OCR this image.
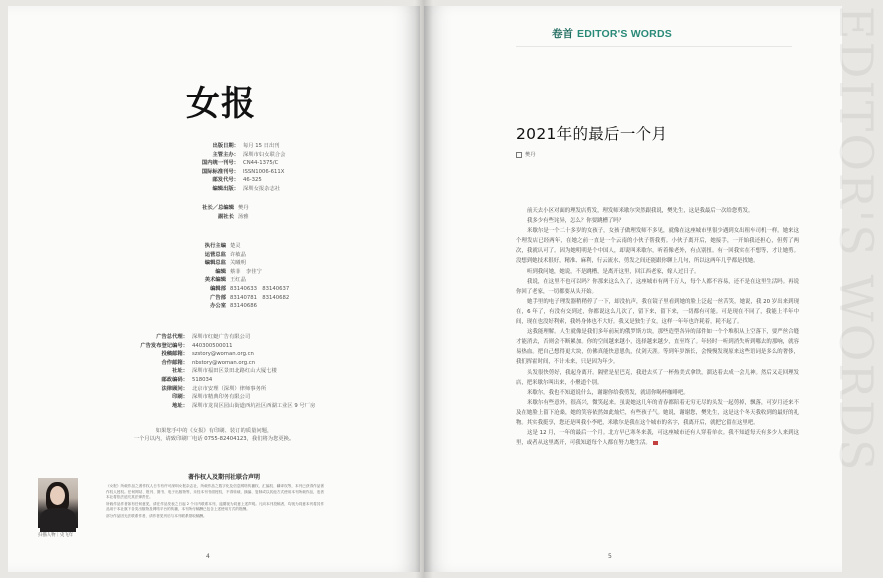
女报
出版日期： 每月 15 日出刊
主管主办： 深圳市妇女联合会
国内统一刊号： CN44-1375/C
国际标准刊号： ISSN1006-611X
邮发代号： 46-325
编辑出版： 深圳女报杂志社
社长／总编辑 樊丹
副社长 汤雅
执行主编 楚灵
运营总监 许敏晶
编辑总监 关曦明
编辑 蔡菲　李佳宁
美术编辑 王红晶
编辑部 83140633　83140637
广告部 83140781　83140682
办公室 83140686
广告总代理： 深圳市红蜓广告有限公司
广告发布登记编号： 440300500011
投稿邮箱： szstory@woman.org.cn
合作邮箱： nbstory@woman.org.cn
社址： 深圳市福田区景田北路红山大厦七楼
邮政编码： 518034
法律顾问： 北京市安理（深圳）律师事务所
印刷： 深圳市精典印务有限公司
地址： 深圳市龙岗区园山街道西坑社区西湖工业区 9 号厂房
如果您手中的《女报》有印刷、装订的质量问题，
一个月以内，请致印刷厂电话 0755-82404123，我们将为您更换。
著作权人及期刊社联合声明

《女报》所载作品之著作权人日专有许可深圳女报杂志社，所载作品之数字化及信息网络传播权、汇编权、翻译权等，本刊已获得作品著作权人授权。任何网站、报刊、图书、电子出版物等，未经本刊书面授权，不得转载、摘编、复制或以其他方式使用本刊所载作品，违者本社将依法追究其法律责任。

所载作品作者如有任何意见，请在作品发表之日起 2 个月内联系本刊，逾期视为同意上述声明。凡向本刊投稿者，均视为同意本刊将其作品用于本社旗下各类出版物及网络平台的传播，本刊所付稿酬已包含上述使用方式的报酬。

部分作品因无法联系作者，请作者见刊后与本刊联系领取稿酬。

扫描人物｜史飞年
4
EDITOR'S WORDS
卷首 EDITOR'S WORDS
2021年的最后一个月
樊丹

前天去小区对面的理发店剪发，理发师米歇尔突然跟我说，樊先生，这是我最后一次给您剪发。

我多少有些诧异，怎么？你要跳槽了吗？

米歇尔是一个二十多岁的女孩子，女孩子做理发师不多见，就像在这座城市里很少遇到女出租车司机一样。她来这个理发店已经两年，在她之前一直是一个云南的小伙子帮我剪。小伙子离开后，她接手，一开始我还担心，但剪了两次，我就认可了。因为她明明是个中国人，却说叫米歇尔，听着像老外，有点别扭。有一回我实在不想等，才让她剪。没想到她技术很好，精准、麻利，行云流水，剪发之间还能跟你聊上几句，所以这两年几乎都是找她。

听到我问她，她说，不是跳槽，是离开这里，回江西老家，嫁人过日子。

我说，在这里不也可以吗？你那来这么久了，这座城市有两千万人，每个人都不容易，还不是在这里生活吗。再说你回了老家，一切都要从头开始。

她手里的电子理发器稍稍停了一下，却没抗声，我在镜子里看到她的脸上泛起一丝苦笑，她说，我 20 岁出来到现在，6 年了，有没有交到过，你都说这么几次了，留下来，留下来，一切都有可能。可是现在不同了，我能上半年中间，现在也没好利索，我妈身体也不大好。我又是独生子女，这样一年年也许耗着，耗不起了。

这我能理解。人生就像是我们多年前玩的俄罗斯方块，那些造型各异的部件如一个个堆积从上空落下，要严丝合缝才能消去，否则会不断累加。你的空间越来越小，选择越来越少，直至终了。年轻时一听到消失听到哪去的那响，就容易热血。把自己想得更大块，仿佛真能快意恩仇，仗剑天涯。等到年岁渐长，会慢慢发现原来这些语词是多么的奢侈，我们挥霍时间，不计未来，只是因为年少。

头发很快剪好，我起身离开。隔壁是星巴克，我进去买了一杯热美式拿铁，溜达着去成一会儿神。然后又走回理发店，把米歇尔叫出来，小聚道个别。

米歇尔，我也不知道说什么，谢谢你给我剪发，就请你喝杯咖啡吧。

米歇尔有些意外，很高兴，微笑起来。虽说她这几年的青春都陪着无穷无尽的头发一起剪掉，飘落，可岁月还来不及在她脸上留下沧桑，她的笑容依然如此灿烂，有些孩子气。她说，谢谢您，樊先生，这是这个冬天我收到的最好的礼物。其实我挺享，您还是叫我小李吧，米歇尔是我在这个城市的名字，我离开后，就把它留在这里吧。

这是 12 月，一年的最后一个月。北方早已寒冬来袭，可这座城市还有人穿着单衣。我不知道每天有多少人来到这里，或者从这里离开，可我知道每个人都在努力地生活。

5
